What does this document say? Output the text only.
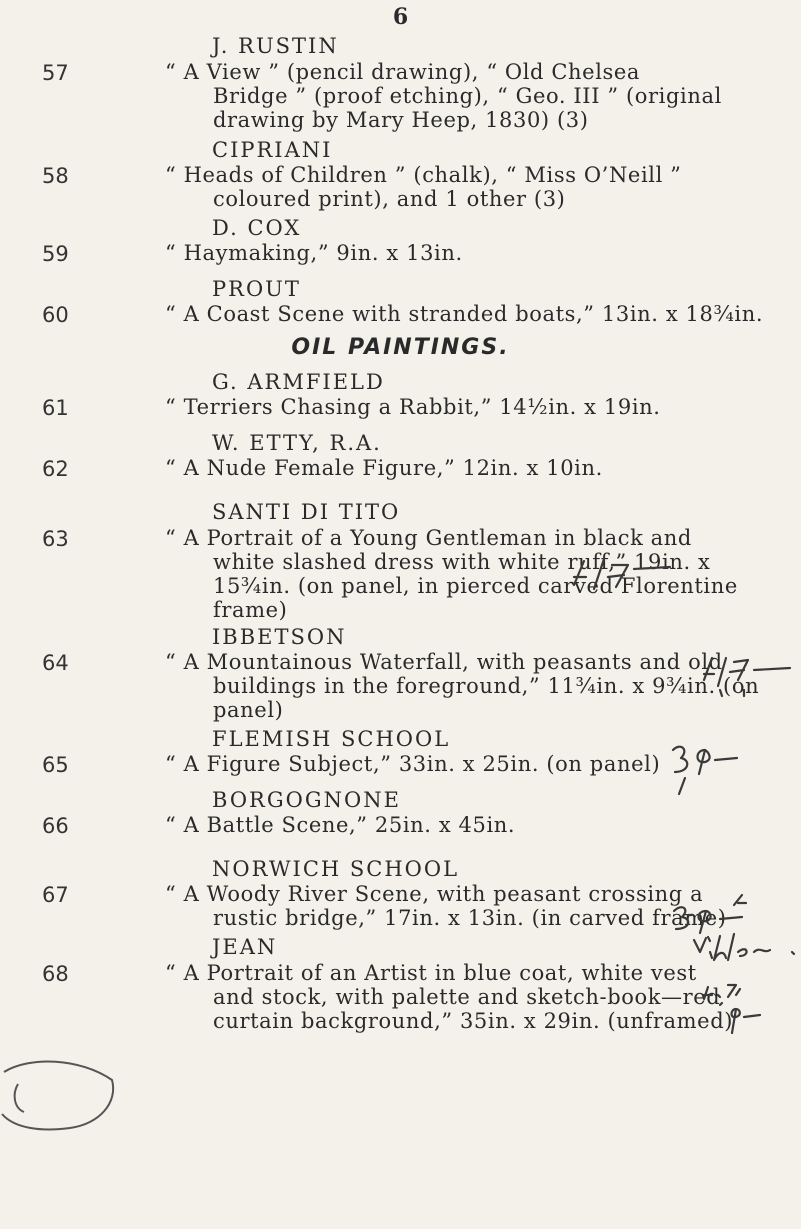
6
J. RUSTIN
57	“ A View ” (pencil drawing), “ Old Chelsea
Bridge ” (proof etching), “ Geo. III ” (original
drawing by Mary Heep, 1830) (3)
CIPRIANI
58	“ Heads of Children ” (chalk), “ Miss O’Neill ”
coloured print), and 1 other (3)
D. COX
59	“ Haymaking,” 9in. x 13in.
PROUT
60	“ A Coast Scene with stranded boats,” 13in. x 18¾in.
OIL PAINTINGS.
G. ARMFIELD
61	“ Terriers Chasing a Rabbit,” 14½in. x 19in.
W. ETTY, R.A.
62	“ A Nude Female Figure,” 12in. x 10in.
SANTI DI TITO
63	“ A Portrait of a Young Gentleman in black and
white slashed dress with white ruff,” 19in. x
15¾in. (on panel, in pierced carved Florentine
frame)
IBBETSON
64	“ A Mountainous Waterfall, with peasants and old
buildings in the foreground,” 11¾in. x 9¾in. (on
panel)
FLEMISH SCHOOL
65	“ A Figure Subject,” 33in. x 25in. (on panel)
BORGOGNONE
66	“ A Battle Scene,” 25in. x 45in.
NORWICH SCHOOL
67	“ A Woody River Scene, with peasant crossing a
rustic bridge,” 17in. x 13in. (in carved frame)
JEAN
68	“ A Portrait of an Artist in blue coat, white vest
and stock, with palette and sketch-book—red
curtain background,” 35in. x 29in. (unframed)
